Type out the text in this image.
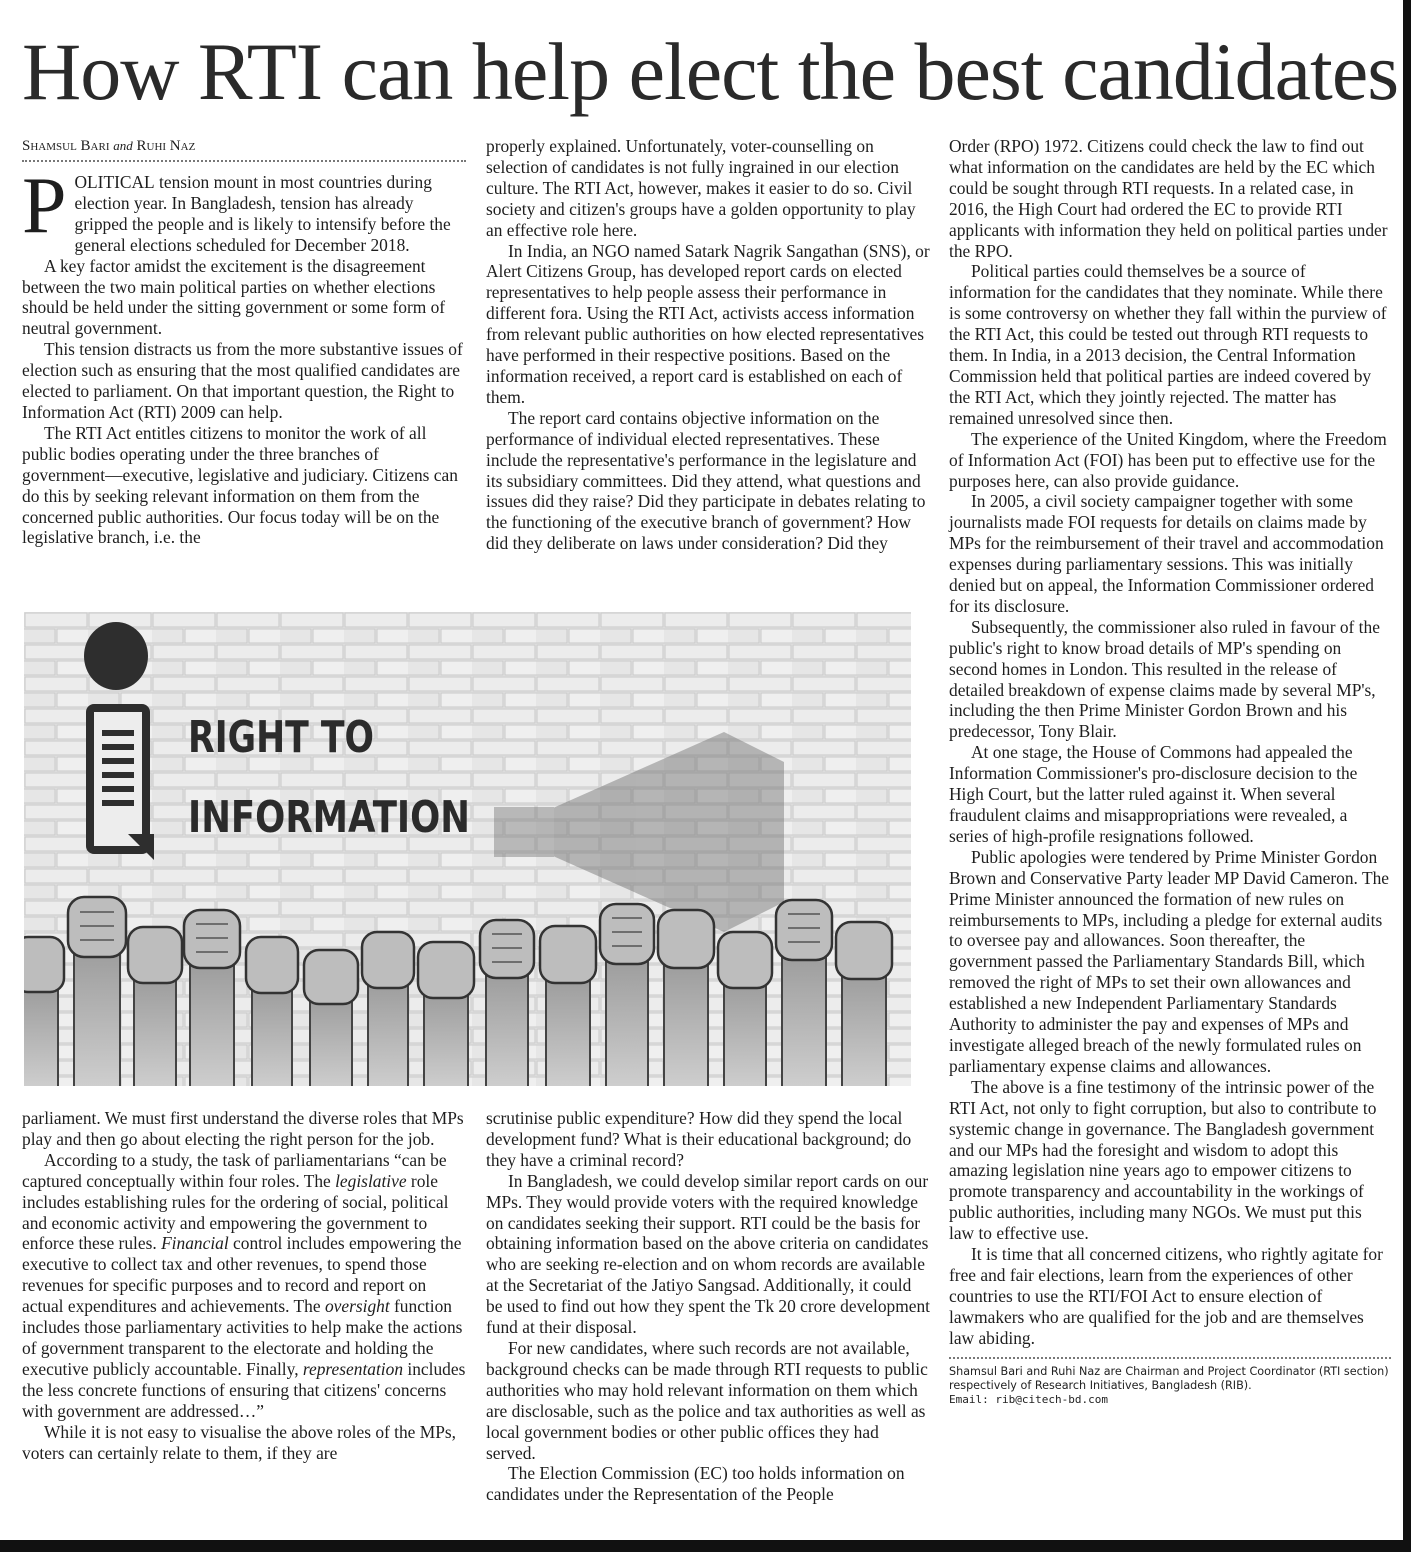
How RTI can help elect the best candidates
Shamsul Bari and Ruhi Naz

POLITICAL tension mount in most countries during election year. In Bangladesh, tension has already gripped the people and is likely to intensify before the general elections scheduled for December 2018.

A key factor amidst the excitement is the disagreement between the two main political parties on whether elections should be held under the sitting government or some form of neutral government.

This tension distracts us from the more substantive issues of election such as ensuring that the most qualified candidates are elected to parliament. On that important question, the Right to Information Act (RTI) 2009 can help.

The RTI Act entitles citizens to monitor the work of all public bodies operating under the three branches of government—executive, legislative and judiciary. Citizens can do this by seeking relevant information on them from the concerned public authorities. Our focus today will be on the legislative branch, i.e. the

properly explained. Unfortunately, voter-counselling on selection of candidates is not fully ingrained in our election culture. The RTI Act, however, makes it easier to do so. Civil society and citizen's groups have a golden opportunity to play an effective role here.

In India, an NGO named Satark Nagrik Sangathan (SNS), or Alert Citizens Group, has developed report cards on elected representatives to help people assess their performance in different fora. Using the RTI Act, activists access information from relevant public authorities on how elected representatives have performed in their respective positions. Based on the information received, a report card is established on each of them.

The report card contains objective information on the performance of individual elected representatives. These include the representative's performance in the legislature and its subsidiary committees. Did they attend, what questions and issues did they raise? Did they participate in debates relating to the functioning of the executive branch of government? How did they deliberate on laws under consideration? Did they

RIGHT TO
INFORMATION

parliament. We must first understand the diverse roles that MPs play and then go about electing the right person for the job.

According to a study, the task of parliamentarians “can be captured conceptually within four roles. The legislative role includes establishing rules for the ordering of social, political and economic activity and empowering the government to enforce these rules. Financial control includes empowering the executive to collect tax and other revenues, to spend those revenues for specific purposes and to record and report on actual expenditures and achievements. The oversight function includes those parliamentary activities to help make the actions of government transparent to the electorate and holding the executive publicly accountable. Finally, representation includes the less concrete functions of ensuring that citizens' concerns with government are addressed…”

While it is not easy to visualise the above roles of the MPs, voters can certainly relate to them, if they are

scrutinise public expenditure? How did they spend the local development fund? What is their educational background; do they have a criminal record?

In Bangladesh, we could develop similar report cards on our MPs. They would provide voters with the required knowledge on candidates seeking their support. RTI could be the basis for obtaining information based on the above criteria on candidates who are seeking re-election and on whom records are available at the Secretariat of the Jatiyo Sangsad. Additionally, it could be used to find out how they spent the Tk 20 crore development fund at their disposal.

For new candidates, where such records are not available, background checks can be made through RTI requests to public authorities who may hold relevant information on them which are disclosable, such as the police and tax authorities as well as local government bodies or other public offices they had served.

The Election Commission (EC) too holds information on candidates under the Representation of the People

Order (RPO) 1972. Citizens could check the law to find out what information on the candidates are held by the EC which could be sought through RTI requests. In a related case, in 2016, the High Court had ordered the EC to provide RTI applicants with information they held on political parties under the RPO.

Political parties could themselves be a source of information for the candidates that they nominate. While there is some controversy on whether they fall within the purview of the RTI Act, this could be tested out through RTI requests to them. In India, in a 2013 decision, the Central Information Commission held that political parties are indeed covered by the RTI Act, which they jointly rejected. The matter has remained unresolved since then.

The experience of the United Kingdom, where the Freedom of Information Act (FOI) has been put to effective use for the purposes here, can also provide guidance.

In 2005, a civil society campaigner together with some journalists made FOI requests for details on claims made by MPs for the reimbursement of their travel and accommodation expenses during parliamentary sessions. This was initially denied but on appeal, the Information Commissioner ordered for its disclosure.

Subsequently, the commissioner also ruled in favour of the public's right to know broad details of MP's spending on second homes in London. This resulted in the release of detailed breakdown of expense claims made by several MP's, including the then Prime Minister Gordon Brown and his predecessor, Tony Blair.

At one stage, the House of Commons had appealed the Information Commissioner's pro-disclosure decision to the High Court, but the latter ruled against it. When several fraudulent claims and misappropriations were revealed, a series of high-profile resignations followed.

Public apologies were tendered by Prime Minister Gordon Brown and Conservative Party leader MP David Cameron. The Prime Minister announced the formation of new rules on reimbursements to MPs, including a pledge for external audits to oversee pay and allowances. Soon thereafter, the government passed the Parliamentary Standards Bill, which removed the right of MPs to set their own allowances and established a new Independent Parliamentary Standards Authority to administer the pay and expenses of MPs and investigate alleged breach of the newly formulated rules on parliamentary expense claims and allowances.

The above is a fine testimony of the intrinsic power of the RTI Act, not only to fight corruption, but also to contribute to systemic change in governance. The Bangladesh government and our MPs had the foresight and wisdom to adopt this amazing legislation nine years ago to empower citizens to promote transparency and accountability in the workings of public authorities, including many NGOs. We must put this law to effective use.

It is time that all concerned citizens, who rightly agitate for free and fair elections, learn from the experiences of other countries to use the RTI/FOI Act to ensure election of lawmakers who are qualified for the job and are themselves law abiding.

Shamsul Bari and Ruhi Naz are Chairman and Project Coordinator (RTI section) respectively of Research Initiatives, Bangladesh (RIB).
Email: rib@citech-bd.com
